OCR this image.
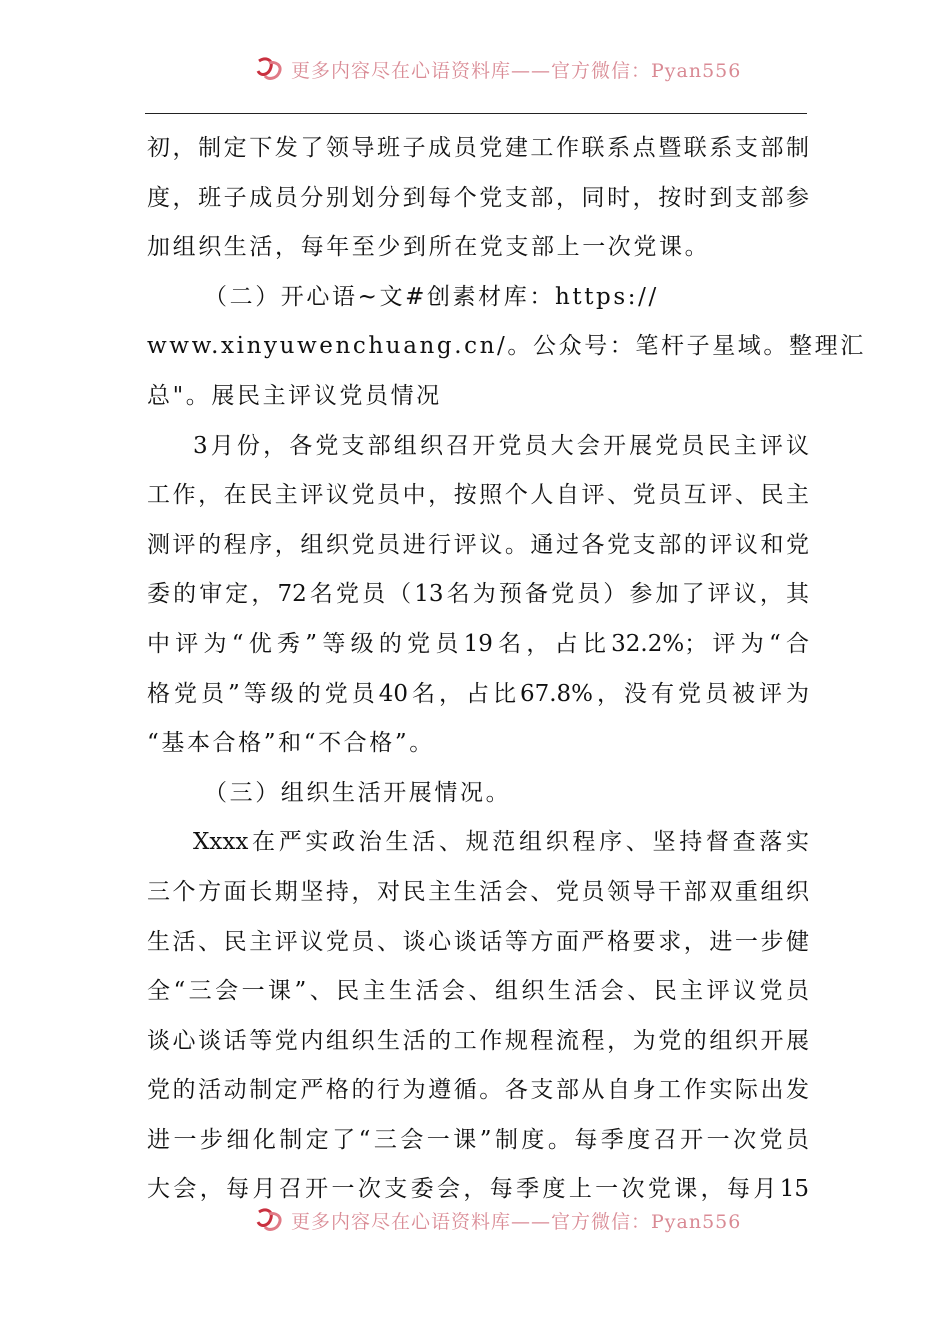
更多内容尽在心语资料库——官方微信：Pyan556
初，制定下发了领导班子成员党建工作联系点暨联系支部制
度，班子成员分别划分到每个党支部，同时，按时到支部参
加组织生活，每年至少到所在党支部上一次党课。
（二）开心语~文#创素材库：https://
www.xinyuwenchuang.cn/。公众号：笔杆子星域。整理汇
总"。展民主评议党员情况
3月份，各党支部组织召开党员大会开展党员民主评议
工作，在民主评议党员中，按照个人自评、党员互评、民主
测评的程序，组织党员进行评议。通过各党支部的评议和党
委的审定，72名党员（13名为预备党员）参加了评议，其
中评为“优秀”等级的党员19名，占比32.2%；评为“合
格党员”等级的党员40名，占比67.8%，没有党员被评为
“基本合格”和“不合格”。
（三）组织生活开展情况。
Xxxx在严实政治生活、规范组织程序、坚持督查落实
三个方面长期坚持，对民主生活会、党员领导干部双重组织
生活、民主评议党员、谈心谈话等方面严格要求，进一步健
全“三会一课”、民主生活会、组织生活会、民主评议党员
谈心谈话等党内组织生活的工作规程流程，为党的组织开展
党的活动制定严格的行为遵循。各支部从自身工作实际出发
进一步细化制定了“三会一课”制度。每季度召开一次党员
大会，每月召开一次支委会，每季度上一次党课，每月15
更多内容尽在心语资料库——官方微信：Pyan556
